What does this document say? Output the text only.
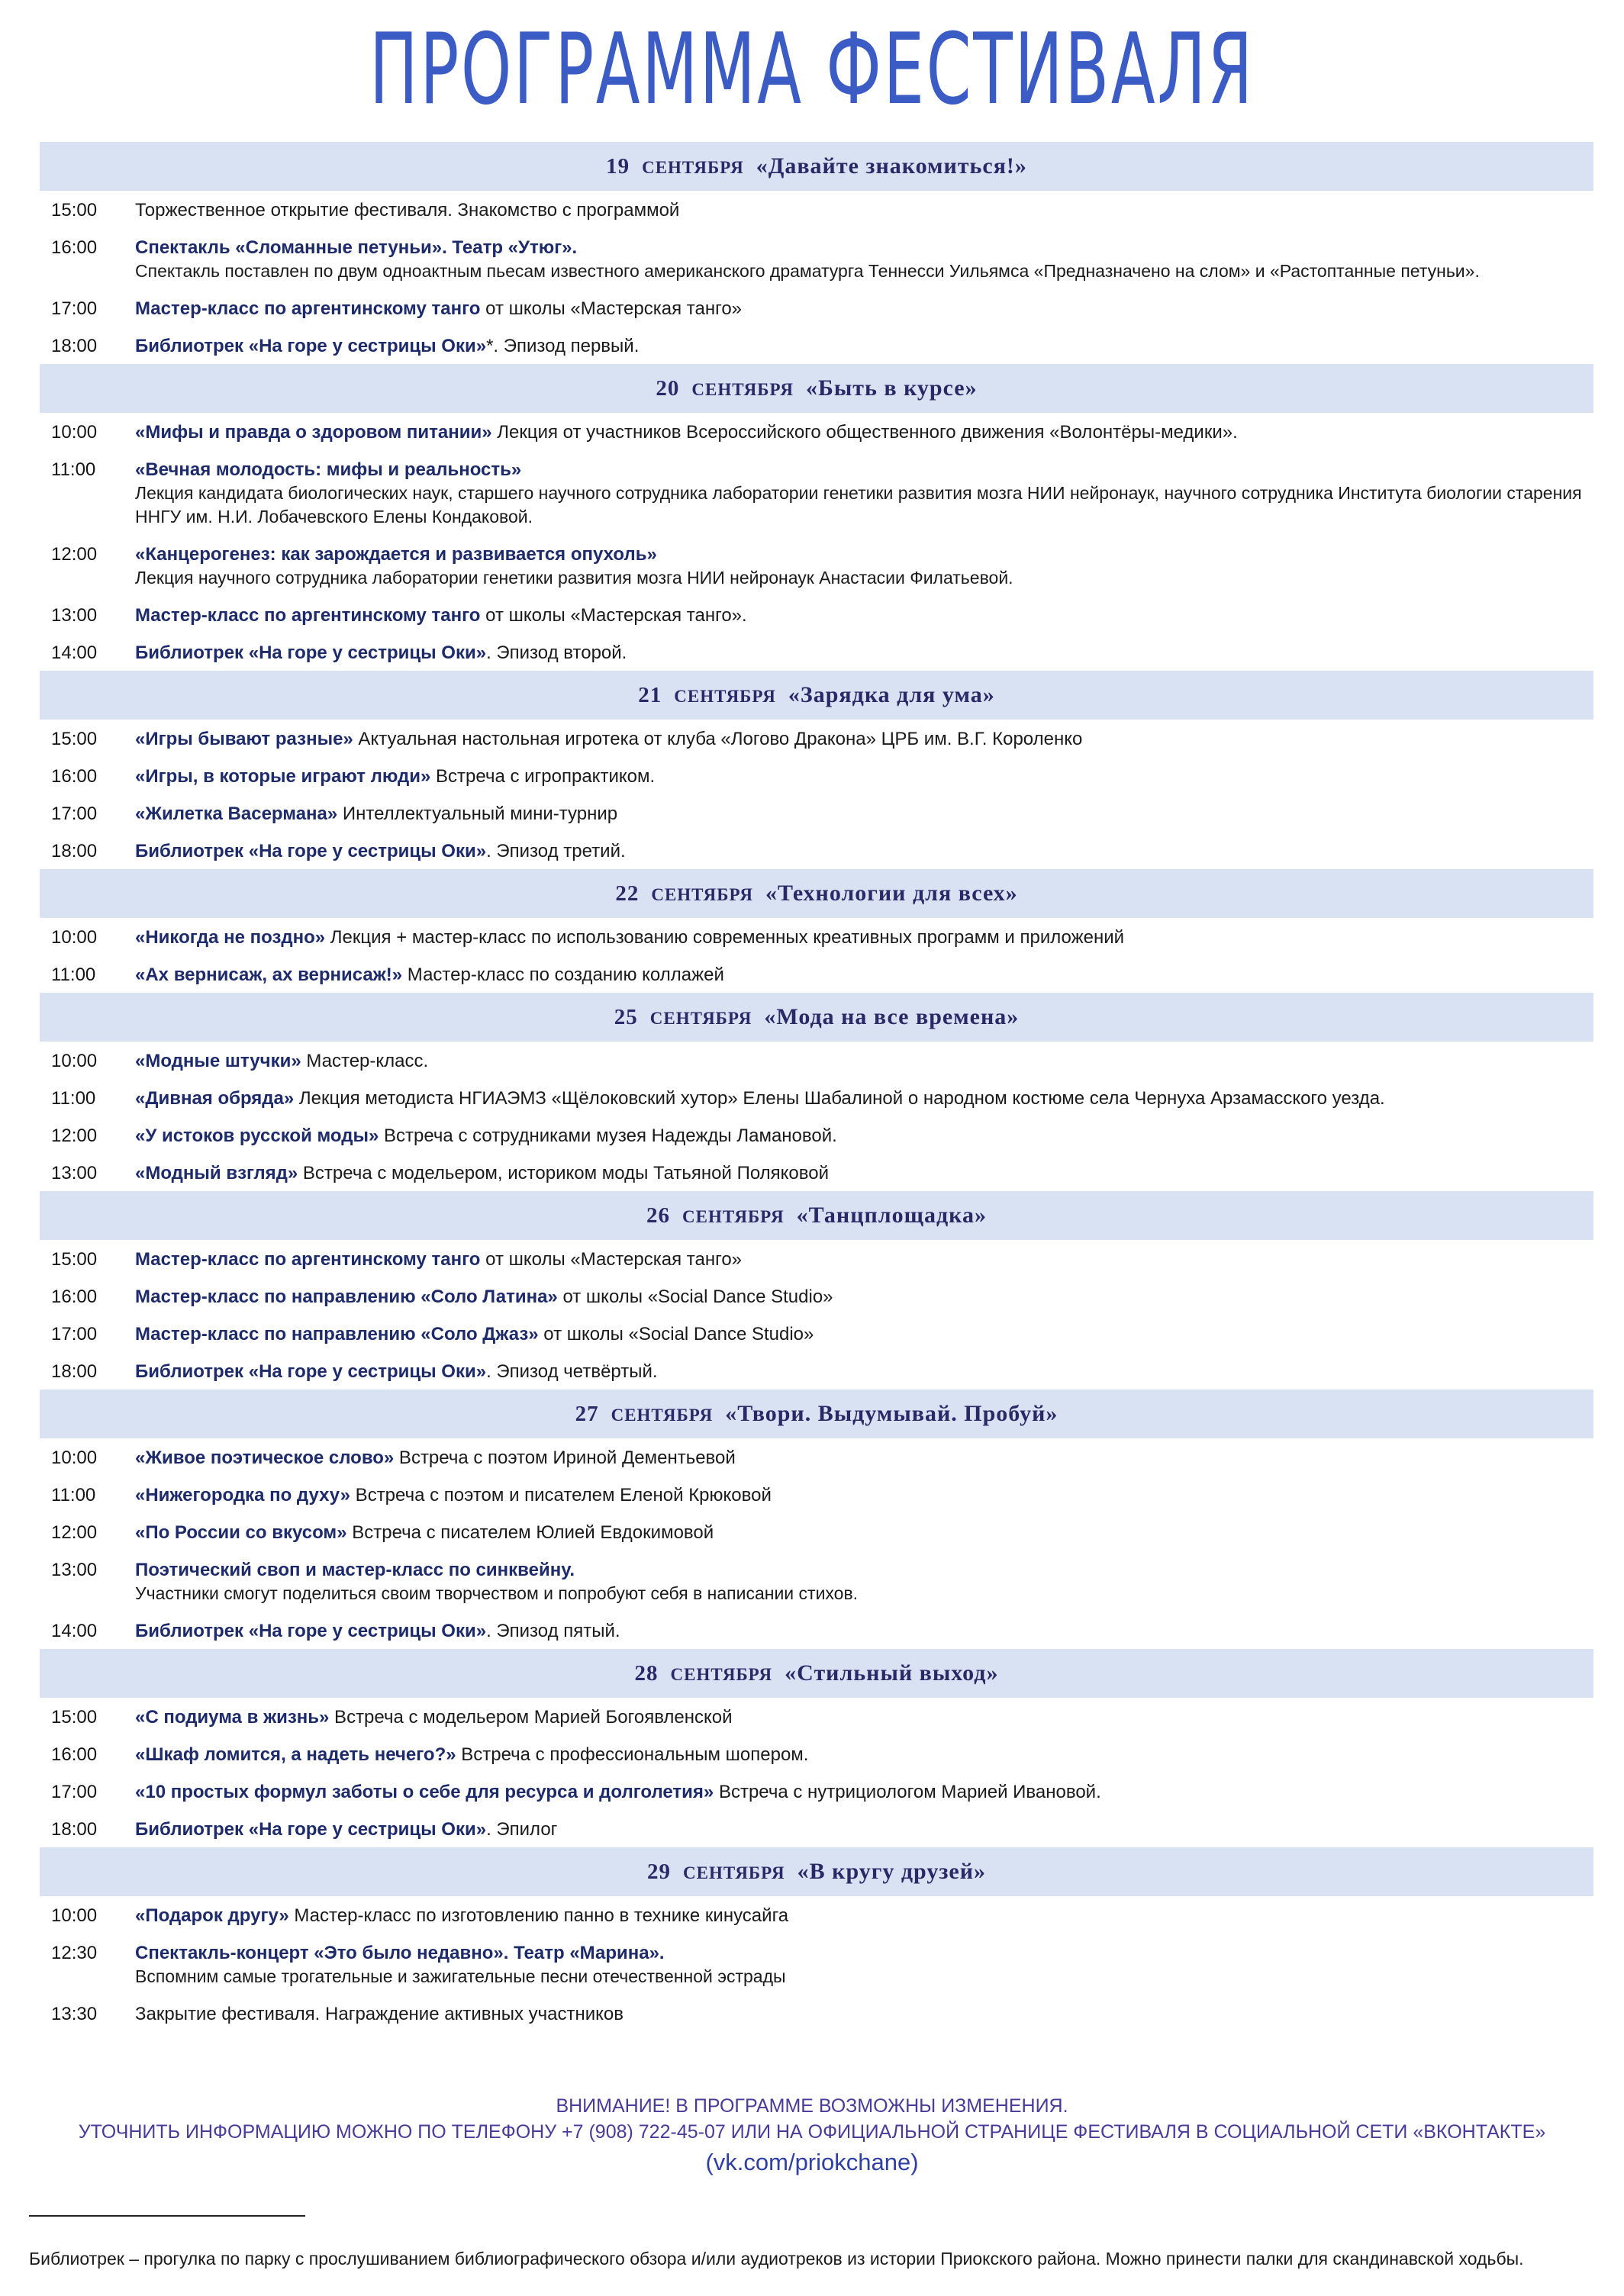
ПРОГРАММА ФЕСТИВАЛЯ
19 СЕНТЯБРЯ «Давайте знакомиться!»
15:00	Торжественное открытие фестиваля. Знакомство с программой
16:00	Спектакль «Сломанные петуньи». Театр «Утюг».
Спектакль поставлен по двум одноактным пьесам известного американского драматурга Теннесси Уильямса «Предназначено на слом» и «Растоптанные петуньи».
17:00	Мастер-класс по аргентинскому танго от школы «Мастерская танго»
18:00	Библиотрек «На горе у сестрицы Оки»*. Эпизод первый.
20 СЕНТЯБРЯ «Быть в курсе»
10:00	«Мифы и правда о здоровом питании» Лекция от участников Всероссийского общественного движения «Волонтёры-медики».
11:00	«Вечная молодость: мифы и реальность»
Лекция кандидата биологических наук, старшего научного сотрудника лаборатории генетики развития мозга НИИ нейронаук, научного сотрудника Института биологии старения ННГУ им. Н.И. Лобачевского Елены Кондаковой.
12:00	«Канцерогенез: как зарождается и развивается опухоль»
Лекция научного сотрудника лаборатории генетики развития мозга НИИ нейронаук Анастасии Филатьевой.
13:00	Мастер-класс по аргентинскому танго от школы «Мастерская танго».
14:00	Библиотрек «На горе у сестрицы Оки». Эпизод второй.
21 СЕНТЯБРЯ «Зарядка для ума»
15:00	«Игры бывают разные» Актуальная настольная игротека от клуба «Логово Дракона» ЦРБ им. В.Г. Короленко
16:00	«Игры, в которые играют люди» Встреча с игропрактиком.
17:00	«Жилетка Васермана» Интеллектуальный мини-турнир
18:00	Библиотрек «На горе у сестрицы Оки». Эпизод третий.
22 СЕНТЯБРЯ «Технологии для всех»
10:00	«Никогда не поздно» Лекция + мастер-класс по использованию современных креативных программ и приложений
11:00	«Ах вернисаж, ах вернисаж!» Мастер-класс по созданию коллажей
25 СЕНТЯБРЯ «Мода на все времена»
10:00	«Модные штучки» Мастер-класс.
11:00	«Дивная обряда» Лекция методиста НГИАЭМЗ «Щёлоковский хутор» Елены Шабалиной о народном костюме села Чернуха Арзамасского уезда.
12:00	«У истоков русской моды» Встреча с сотрудниками музея Надежды Ламановой.
13:00	«Модный взгляд» Встреча с модельером, историком моды Татьяной Поляковой
26 СЕНТЯБРЯ «Танцплощадка»
15:00	Мастер-класс по аргентинскому танго от школы «Мастерская танго»
16:00	Мастер-класс по направлению «Соло Латина» от школы «Social Dance Studio»
17:00	Мастер-класс по направлению «Соло Джаз» от школы «Social Dance Studio»
18:00	Библиотрек «На горе у сестрицы Оки». Эпизод четвёртый.
27 СЕНТЯБРЯ «Твори. Выдумывай. Пробуй»
10:00	«Живое поэтическое слово» Встреча с поэтом Ириной Дементьевой
11:00	«Нижегородка по духу» Встреча с поэтом и писателем Еленой Крюковой
12:00	«По России со вкусом» Встреча с писателем Юлией Евдокимовой
13:00	Поэтический своп и мастер-класс по синквейну.
Участники смогут поделиться своим творчеством и попробуют себя в написании стихов.
14:00	Библиотрек «На горе у сестрицы Оки». Эпизод пятый.
28 СЕНТЯБРЯ «Стильный выход»
15:00	«С подиума в жизнь» Встреча с модельером Марией Богоявленской
16:00	«Шкаф ломится, а надеть нечего?» Встреча с профессиональным шопером.
17:00	«10 простых формул заботы о себе для ресурса и долголетия» Встреча с нутрициологом Марией Ивановой.
18:00	Библиотрек «На горе у сестрицы Оки». Эпилог
29 СЕНТЯБРЯ «В кругу друзей»
10:00	«Подарок другу» Мастер-класс по изготовлению панно в технике кинусайга
12:30	Спектакль-концерт «Это было недавно». Театр «Марина».
Вспомним самые трогательные и зажигательные песни отечественной эстрады
13:30	Закрытие фестиваля. Награждение активных участников
ВНИМАНИЕ! В ПРОГРАММЕ ВОЗМОЖНЫ ИЗМЕНЕНИЯ.
УТОЧНИТЬ ИНФОРМАЦИЮ МОЖНО ПО ТЕЛЕФОНУ +7 (908) 722-45-07 ИЛИ НА ОФИЦИАЛЬНОЙ СТРАНИЦЕ ФЕСТИВАЛЯ В СОЦИАЛЬНОЙ СЕТИ «ВКОНТАКТЕ»
(vk.com/priokchane)
Библиотрек – прогулка по парку с прослушиванием библиографического обзора и/или аудиотреков из истории Приокского района. Можно принести палки для скандинавской ходьбы.
